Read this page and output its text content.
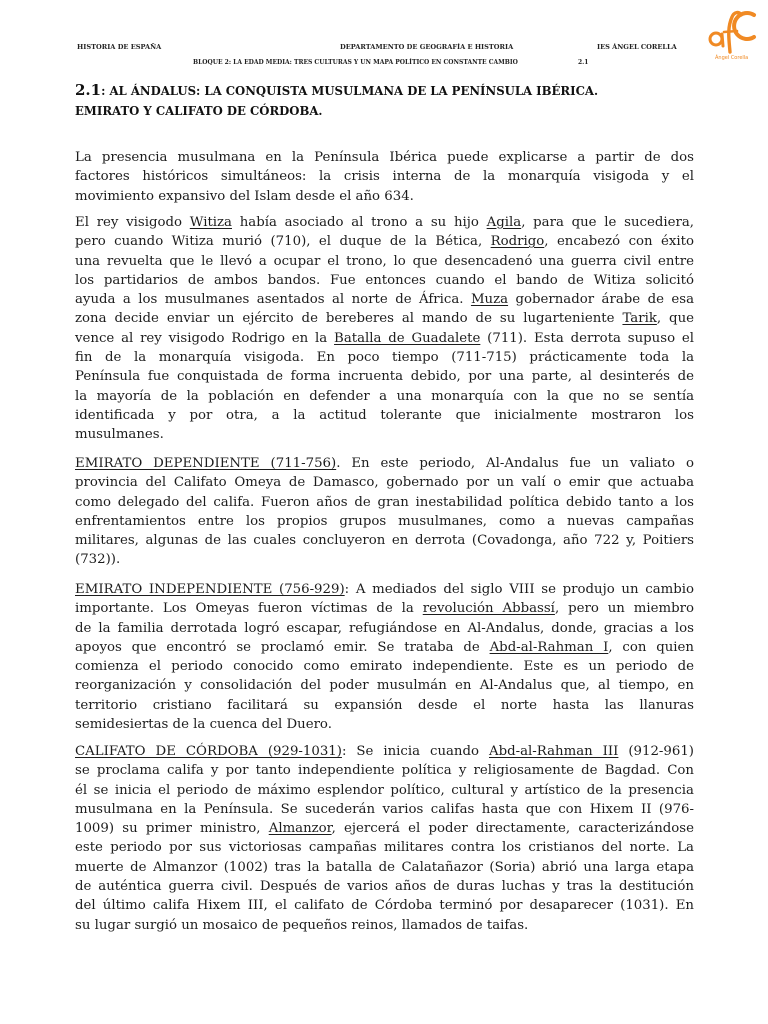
HISTORIA DE ESPAÑA	DEPARTAMENTO DE GEOGRAFÍA E HISTORIA	IES ÁNGEL CORELLA
BLOQUE 2: LA EDAD MEDIA: TRES CULTURAS Y UN MAPA POLÍTICO EN CONSTANTE CAMBIO	2.1
Ángel Corella
2.1: AL ÁNDALUS: LA CONQUISTA MUSULMANA DE LA PENÍNSULA IBÉRICA.
EMIRATO Y CALIFATO DE CÓRDOBA.
La presencia musulmana en la Península Ibérica puede explicarse a partir de dos
factores históricos simultáneos: la crisis interna de la monarquía visigoda y el
movimiento expansivo del Islam desde el año 634.
El rey visigodo Witiza había asociado al trono a su hijo Agila, para que le sucediera,
pero cuando Witiza murió (710), el duque de la Bética, Rodrigo, encabezó con éxito
una revuelta que le llevó a ocupar el trono, lo que desencadenó una guerra civil entre
los partidarios de ambos bandos. Fue entonces cuando el bando de Witiza solicitó
ayuda a los musulmanes asentados al norte de África. Muza gobernador árabe de esa
zona decide enviar un ejército de bereberes al mando de su lugarteniente Tarik, que
vence al rey visigodo Rodrigo en la Batalla de Guadalete (711). Esta derrota supuso el
fin de la monarquía visigoda. En poco tiempo (711-715) prácticamente toda la
Península fue conquistada de forma incruenta debido, por una parte, al desinterés de
la mayoría de la población en defender a una monarquía con la que no se sentía
identificada y por otra, a la actitud tolerante que inicialmente mostraron los
musulmanes.
EMIRATO DEPENDIENTE (711-756). En este periodo, Al-Andalus fue un valiato o
provincia del Califato Omeya de Damasco, gobernado por un valí o emir que actuaba
como delegado del califa. Fueron años de gran inestabilidad política debido tanto a los
enfrentamientos entre los propios grupos musulmanes, como a nuevas campañas
militares, algunas de las cuales concluyeron en derrota (Covadonga, año 722 y, Poitiers
(732)).
EMIRATO INDEPENDIENTE (756-929): A mediados del siglo VIII se produjo un cambio
importante. Los Omeyas fueron víctimas de la revolución Abbassí, pero un miembro
de la familia derrotada logró escapar, refugiándose en Al-Andalus, donde, gracias a los
apoyos que encontró se proclamó emir. Se trataba de Abd-al-Rahman I, con quien
comienza el periodo conocido como emirato independiente. Este es un periodo de
reorganización y consolidación del poder musulmán en Al-Andalus que, al tiempo, en
territorio cristiano facilitará su expansión desde el norte hasta las llanuras
semidesiertas de la cuenca del Duero.
CALIFATO DE CÓRDOBA (929-1031): Se inicia cuando Abd-al-Rahman III (912-961)
se proclama califa y por tanto independiente política y religiosamente de Bagdad. Con
él se inicia el periodo de máximo esplendor político, cultural y artístico de la presencia
musulmana en la Península. Se sucederán varios califas hasta que con Hixem II (976-
1009) su primer ministro, Almanzor, ejercerá el poder directamente, caracterizándose
este periodo por sus victoriosas campañas militares contra los cristianos del norte. La
muerte de Almanzor (1002) tras la batalla de Calatañazor (Soria) abrió una larga etapa
de auténtica guerra civil. Después de varios años de duras luchas y tras la destitución
del último califa Hixem III, el califato de Córdoba terminó por desaparecer (1031). En
su lugar surgió un mosaico de pequeños reinos, llamados de taifas.
